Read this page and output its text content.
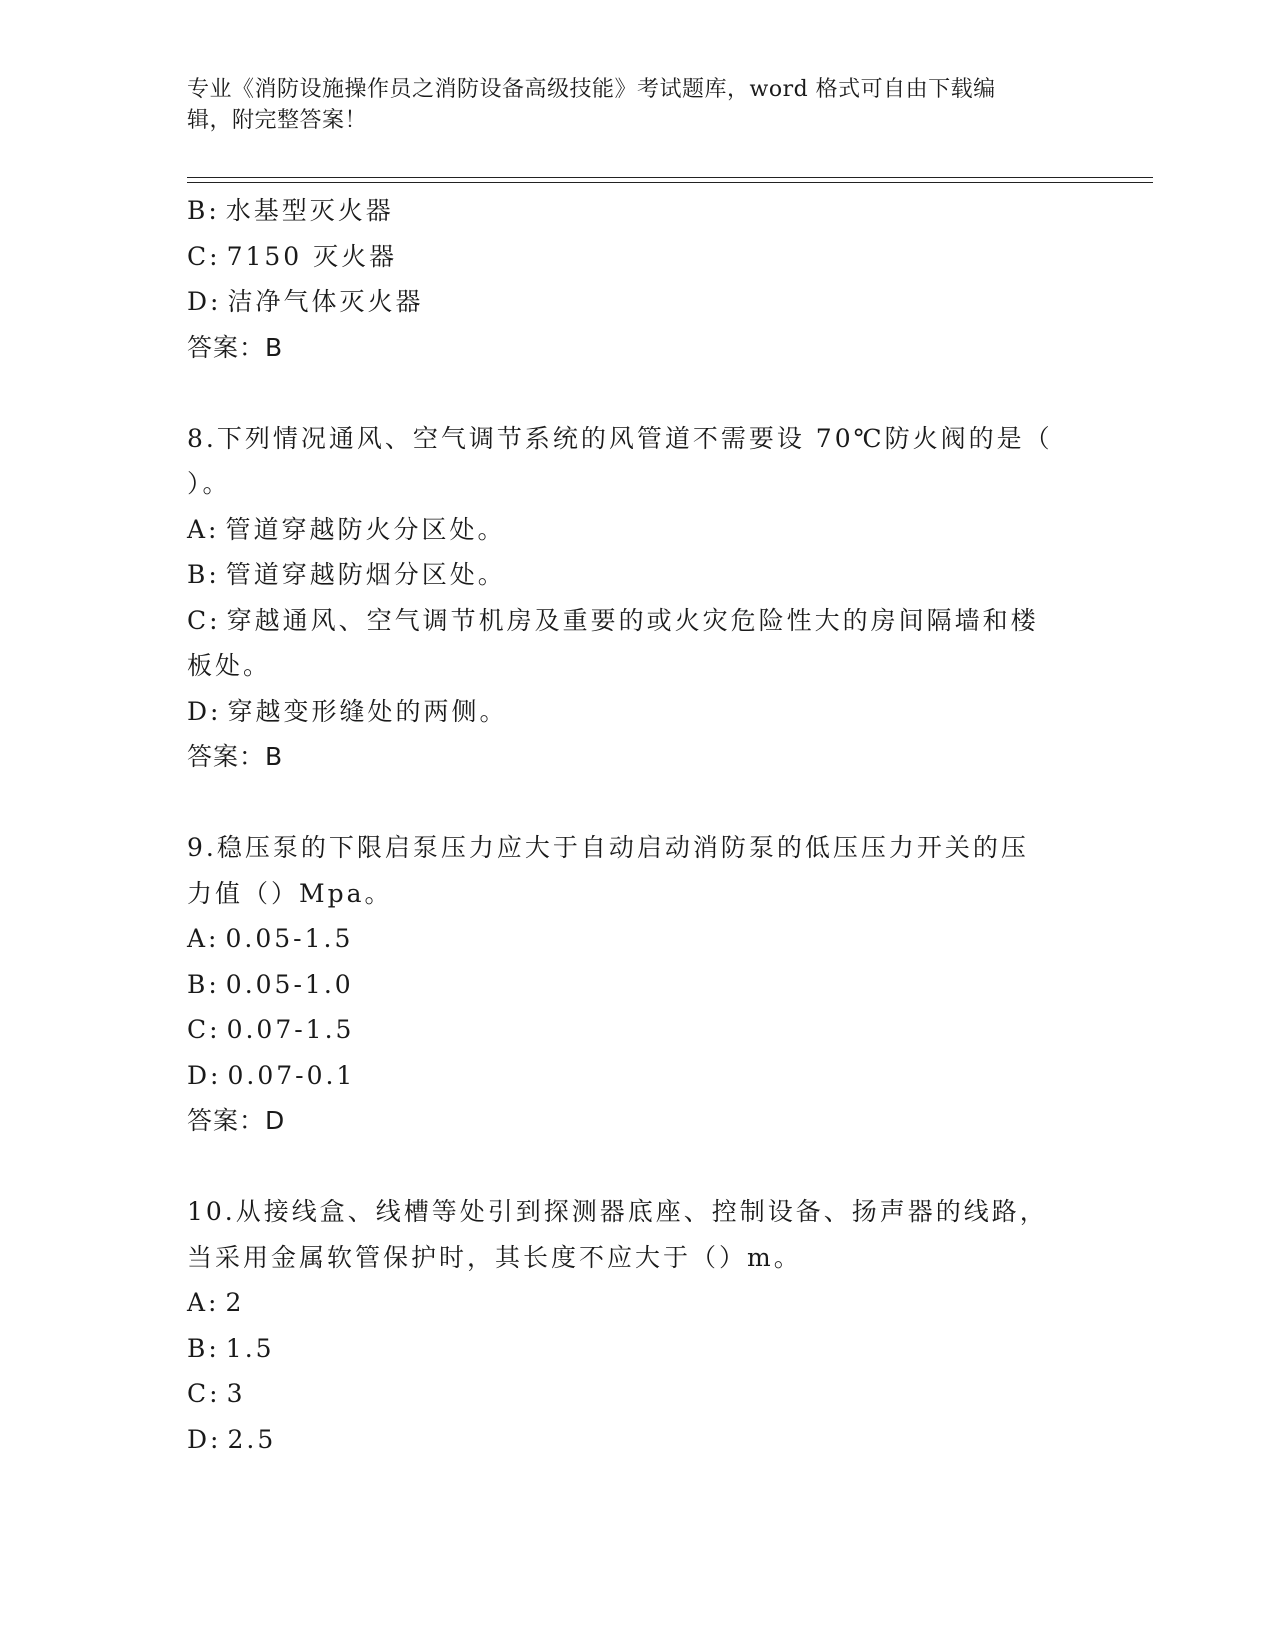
专业《消防设施操作员之消防设备高级技能》考试题库，word 格式可自由下载编
辑，附完整答案！
B: 水基型灭火器
C: 7150 灭火器
D: 洁净气体灭火器
答案：B
8.下列情况通风、空气调节系统的风管道不需要设 70℃防火阀的是（
）。
A: 管道穿越防火分区处。
B: 管道穿越防烟分区处。
C: 穿越通风、空气调节机房及重要的或火灾危险性大的房间隔墙和楼
板处。
D: 穿越变形缝处的两侧。
答案：B
9.稳压泵的下限启泵压力应大于自动启动消防泵的低压压力开关的压
力值（）Mpa。
A: 0.05-1.5
B: 0.05-1.0
C: 0.07-1.5
D: 0.07-0.1
答案：D
10.从接线盒、线槽等处引到探测器底座、控制设备、扬声器的线路，
当采用金属软管保护时，其长度不应大于（）m。
A: 2
B: 1.5
C: 3
D: 2.5
